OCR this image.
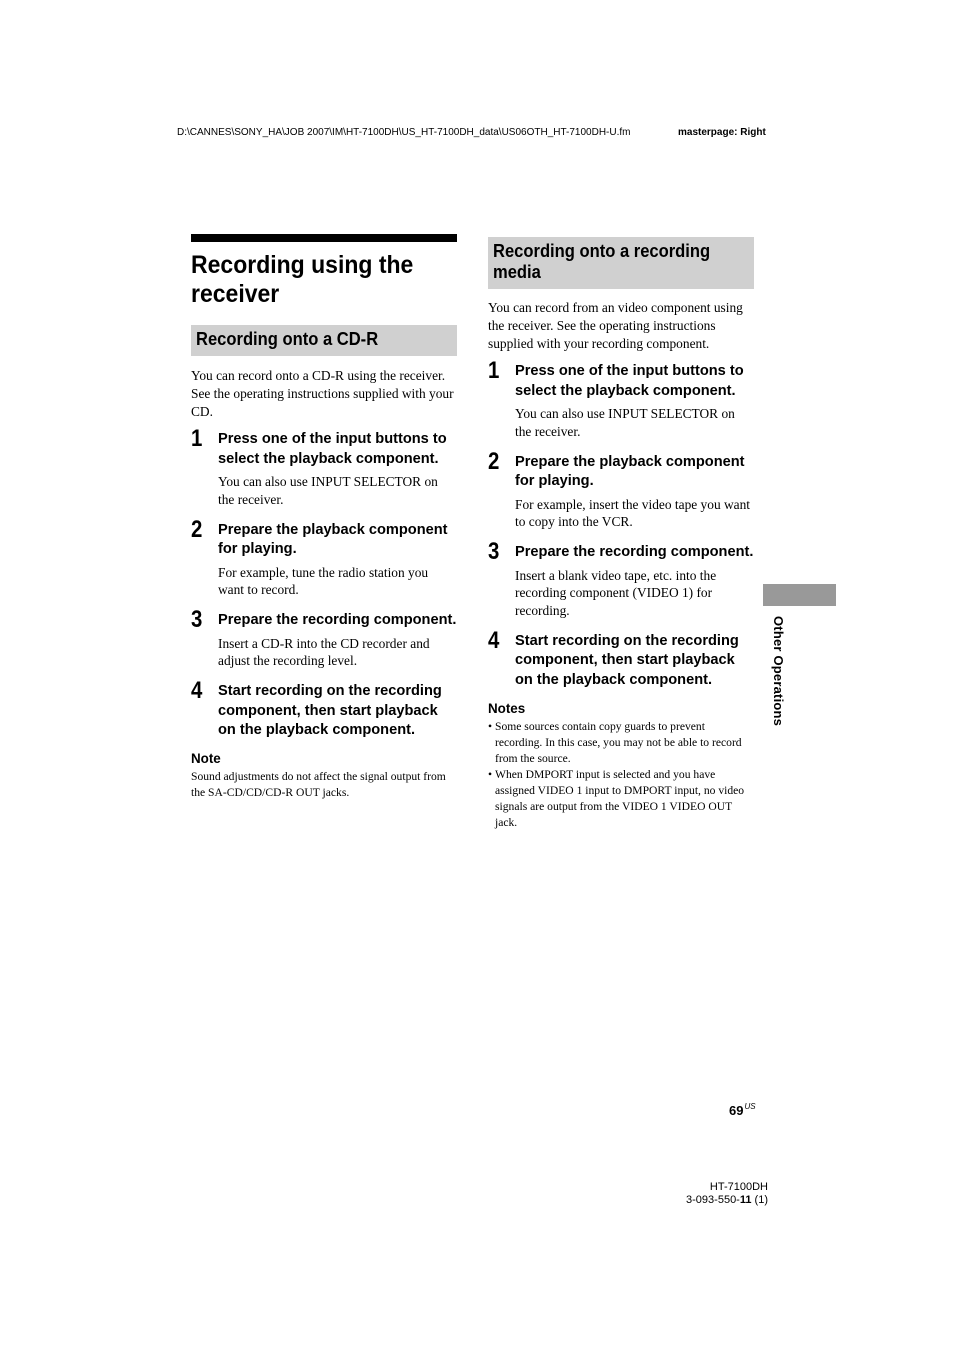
D:\CANNES\SONY_HA\JOB 2007\IM\HT-7100DH\US_HT-7100DH_data\US06OTH_HT-7100DH-U.fm	masterpage: Right
Recording using the receiver
Recording onto a CD-R

You can record onto a CD-R using the receiver. See the operating instructions supplied with your CD.

1 Press one of the input buttons to select the playback component.
You can also use INPUT SELECTOR on the receiver.
2 Prepare the playback component for playing.
For example, tune the radio station you want to record.
3 Prepare the recording component.
Insert a CD-R into the CD recorder and adjust the recording level.
4 Start recording on the recording component, then start playback on the playback component.
Note
Sound adjustments do not affect the signal output from the SA-CD/CD/CD-R OUT jacks.
Recording onto a recording
media

You can record from an video component using the receiver. See the operating instructions supplied with your recording component.

1 Press one of the input buttons to select the playback component.
You can also use INPUT SELECTOR on the receiver.
2 Prepare the playback component for playing.
For example, insert the video tape you want to copy into the VCR.
3 Prepare the recording component.
Insert a blank video tape, etc. into the recording component (VIDEO 1) for recording.
4 Start recording on the recording component, then start playback on the playback component.
Notes
• Some sources contain copy guards to prevent recording. In this case, you may not be able to record from the source.
• When DMPORT input is selected and you have assigned VIDEO 1 input to DMPORT input, no video signals are output from the VIDEO 1 VIDEO OUT jack.
Other Operations
$69^{US}$
HT-7100DH
3-093-550-11 (1)
